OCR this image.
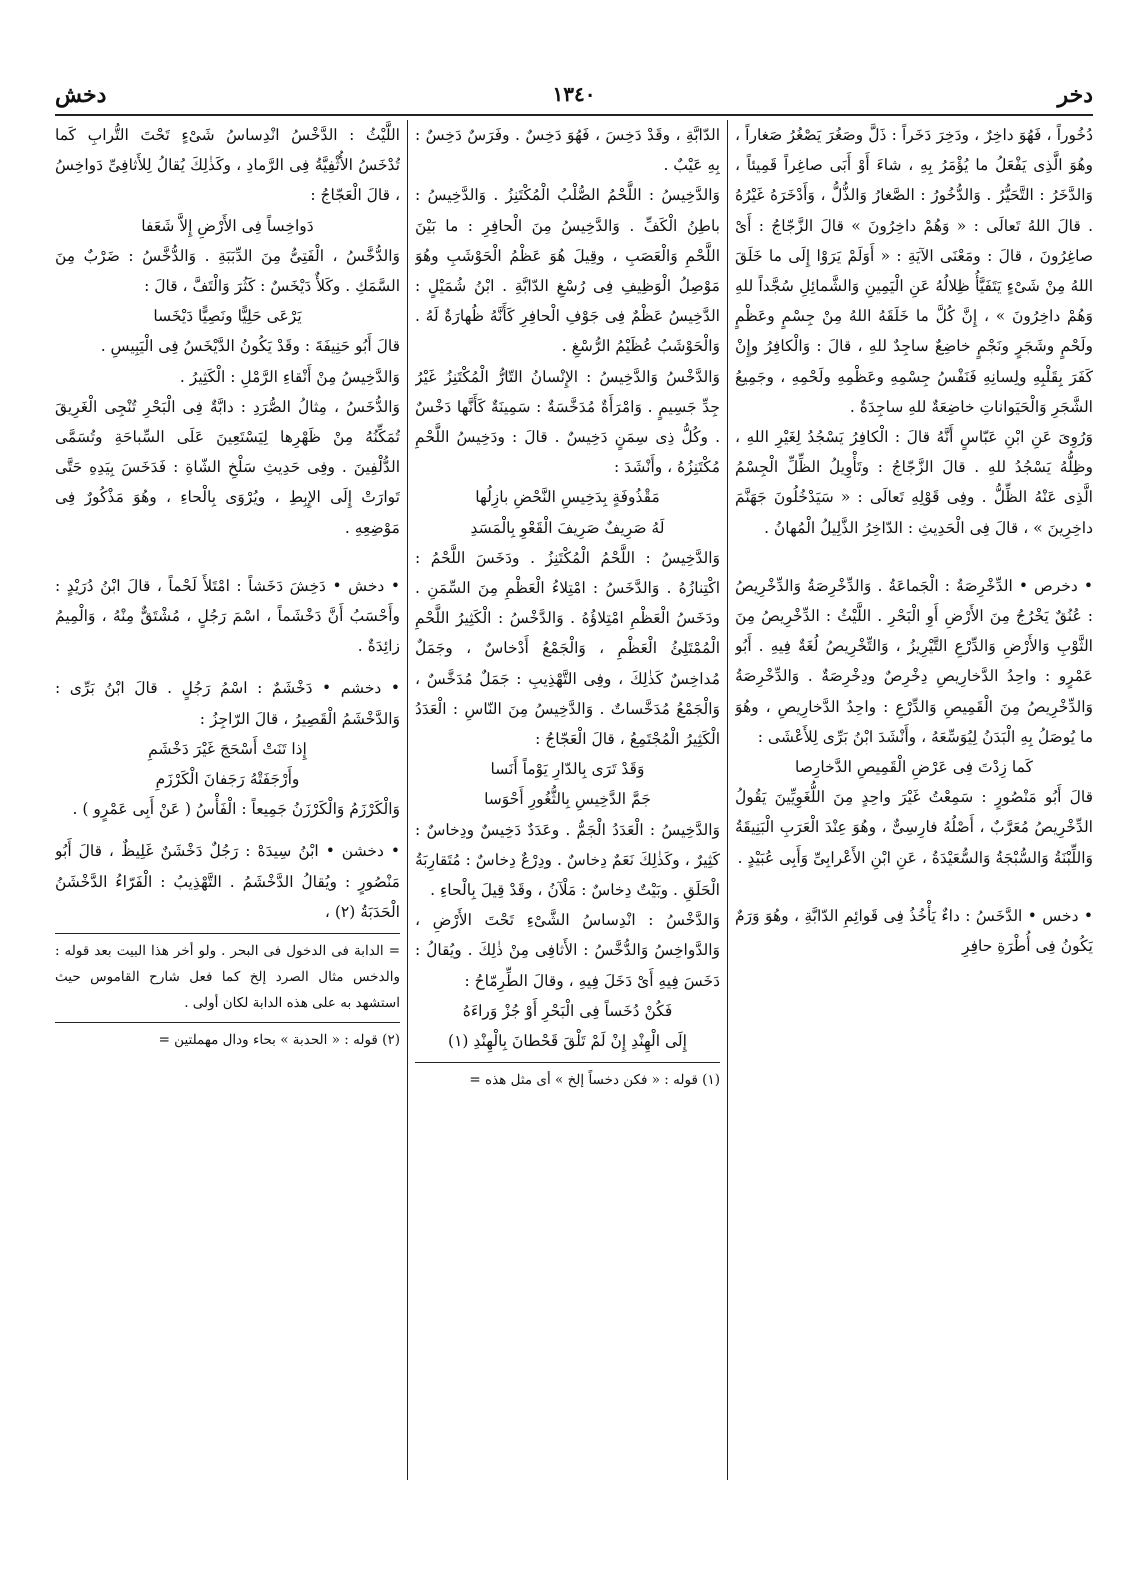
دخر
١٣٤٠
دخش

دُخُوراً ، فَهُوَ داخِرٌ ، ودَخِرَ دَخَراً : ذَلَّ وصَغُرَ يَصْغُرُ صَغاراً ، وهُوَ الَّذِى يَفْعَلُ ما يُؤْمَرُ بِهِ ، شاءَ أَوْ أَبَى صاغِراً قَمِيئاً ، وَالدَّخَرُ : التَّحَيُّرُ . وَالدُّخُورُ : الصَّغارُ وَالذُّلُّ ، وَأَدْخَرَهُ غَيْرُهُ . قالَ اللهُ تَعالَى : « وَهُمْ داخِرُونَ » قالَ الزَّجّاجُ : أَىْ صاغِرُونَ ، قالَ : ومَعْنَى الآيَةِ : « أَوَلَمْ يَرَوْا إِلَى ما خَلَقَ اللهُ مِنْ شَىْءٍ يَتَفَيَّأُ ظِلالُهُ عَنِ الْيَمِينِ وَالشَّمائِلِ سُجَّداً للهِ وَهُمْ داخِرُونَ » ، إِنَّ كُلَّ ما خَلَقَهُ اللهُ مِنْ جِسْمٍ وعَظْمٍ ولَحْمٍ وشَجَرٍ ونَجْمٍ خاضِعٌ ساجِدٌ للهِ ، قالَ : وَالْكافِرُ وإِنْ كَفَرَ بِقَلْبِهِ ولِسانِهِ فَنَفْسُ جِسْمِهِ وعَظْمِهِ ولَحْمِهِ ، وجَمِيعُ الشَّجَرِ وَالْحَيَواناتِ خاضِعَةٌ للهِ ساجِدَةٌ .

وَرُوِىَ عَنِ ابْنِ عَبّاسٍ أَنَّهُ قالَ : الْكافِرُ يَسْجُدُ لِغَيْرِ اللهِ ، وظِلُّهُ يَسْجُدُ للهِ . قالَ الزَّجّاجُ : وتَأْوِيلُ الظِّلِّ الْجِسْمُ الَّذِى عَنْهُ الظِّلُّ . وفِى قَوْلِهِ تَعالَى : « سَيَدْخُلُونَ جَهَنَّمَ داخِرِينَ » ، قالَ فِى الْحَدِيثِ : الدّاخِرُ الذَّلِيلُ الْمُهانُ .

• دخرص • الدِّخْرِصَةُ : الْجَماعَةُ . وَالدِّخْرِصَةُ وَالدِّخْرِيصُ : عُنُقٌ يَخْرُجُ مِنَ الأَرْضِ أَوِ الْبَحْرِ . اللَّيْثُ : الدِّخْرِيصُ مِنَ الثَّوْبِ وَالأَرْضِ وَالدِّرْعِ التَّيْرِيزُ ، وَالتِّخْرِيصُ لُغَةٌ فِيهِ . أَبُو عَمْرٍو : واحِدُ الدَّخارِيصِ دِخْرِصٌ ودِخْرِصَةٌ . وَالدِّخْرِصَةُ وَالدِّخْرِيصُ مِنَ الْقَمِيصِ وَالدِّرْعِ : واحِدُ الدَّخارِيصِ ، وهُوَ ما يُوصَلُ بِهِ الْبَدَنُ لِيُوَسِّعَهُ ، وأَنْشَدَ ابْنُ بَرِّى لِلأَعْشَى :

كَما زِدْتَ فِى عَرْضِ الْقَمِيصِ الدَّخارِصا

قالَ أَبُو مَنْصُورٍ : سَمِعْتُ غَيْرَ واحِدٍ مِنَ اللُّغَوِيِّينَ يَقُولُ الدِّخْرِيصُ مُعَرَّبٌ ، أَصْلُهُ فارِسِىٌّ ، وهُوَ عِنْدَ الْعَرَبِ الْبَنِيقَةُ وَاللِّبْنَةُ وَالسُّبْجَةُ وَالسُّعَيْدَةُ ، عَنِ ابْنِ الأَعْرابِىِّ وَأَبِى عُبَيْدٍ .

• دخس • الدَّخَسُ : داءٌ يَأْخُذُ فِى قَوائِمِ الدّابَّةِ ، وهُوَ وَرَمٌ يَكُونُ فِى أُطْرَةِ حافِرِ

الدّابَّةِ ، وقَدْ دَخِسَ ، فَهُوَ دَخِسٌ . وفَرَسٌ دَخِسٌ : بِهِ عَيْبٌ .

وَالدَّخِيسُ : اللَّحْمُ الصُّلْبُ الْمُكْتَنِزُ . وَالدَّخِيسُ : باطِنُ الْكَفِّ . وَالدَّخِيسُ مِنَ الْحافِرِ : ما بَيْنَ اللَّحْمِ وَالْعَصَبِ ، وقِيلَ هُوَ عَظْمُ الْحَوْشَبِ وهُوَ مَوْصِلُ الْوَظِيفِ فِى رُسْغِ الدّابَّةِ . ابْنُ شُمَيْلٍ : الدَّخِيسُ عَظْمٌ فِى جَوْفِ الْحافِرِ كَأَنَّهُ ظُهارَةٌ لَهُ . وَالْحَوْشَبُ عُظَيْمُ الرُّسْغِ .

وَالدَّخْسُ وَالدَّخِيسُ : الإِنْسانُ التّارُّ الْمُكْتَنِزُ غَيْرُ جِدِّ جَسِيمٍ . وَامْرَأَةٌ مُدَخَّسَةٌ : سَمِينَةٌ كَأَنَّها دَخْسٌ . وكُلُّ ذِى سِمَنٍ دَخِيسٌ . قالَ : ودَخِيسُ اللَّحْمِ مُكْتَنِزُهُ ، وأَنْشَدَ :

مَقْذُوفَةٍ بِدَخِيسِ النَّحْضِ بازِلُها

لَهُ صَرِيفٌ صَرِيفَ الْقَعْوِ بِالْمَسَدِ

وَالدَّخِيسُ : اللَّحْمُ الْمُكْتَنِزُ . ودَخَسَ اللَّحْمُ : اكْتِنازُهُ . وَالدَّخَسُ : امْتِلاءُ الْعَظْمِ مِنَ السِّمَنِ . ودَخَسُ الْعَظْمِ امْتِلاؤُهُ . وَالدَّخْسُ : الْكَثِيرُ اللَّحْمِ الْمُمْتَلِئُ الْعَظْمِ ، وَالْجَمْعُ أَدْخاسٌ ، وجَمَلٌ مُداخِسٌ كَذٰلِكَ ، وفِى التَّهْذِيبِ : جَمَلٌ مُدَخَّسٌ ، وَالْجَمْعُ مُدَخَّساتٌ . وَالدَّخِيسُ مِنَ النّاسِ : الْعَدَدُ الْكَثِيرُ الْمُجْتَمِعُ ، قالَ الْعَجّاجُ :

وَقَدْ تَرَى بِالدّارِ يَوْماً أَنَسا

جَمَّ الدَّخِيسِ بِالثُّغُورِ أَحْوَسا

وَالدَّخِيسُ : الْعَدَدُ الْجَمُّ . وعَدَدٌ دَخِيسٌ ودِخاسٌ : كَثِيرٌ ، وكَذٰلِكَ نَعَمٌ دِخاسٌ . ودِرْعٌ دِخاسٌ : مُتَقارِبَةُ الْحَلَقِ . وبَيْتٌ دِخاسٌ : مَلْآنُ ، وقَدْ قِيلَ بِالْحاءِ .

وَالدَّخْسُ : انْدِساسُ الشَّىْءِ تَحْتَ الأَرْضِ ، وَالدَّواخِسُ وَالدُّخَّسُ : الأَثافِى مِنْ ذٰلِكَ . ويُقالُ : دَخَسَ فِيهِ أَىْ دَخَلَ فِيهِ ، وقالَ الطِّرِمّاحُ :

فَكُنْ دُخَساً فِى الْبَحْرِ أَوْ جُزْ وَراءَهُ

إِلَى الْهِنْدِ إِنْ لَمْ تَلْقَ قَحْطانَ بِالْهِنْدِ (١)

(١) قوله : « فكن دخساً إلخ » أى مثل هذه =

اللَّيْثُ : الدَّخْسُ انْدِساسُ شَىْءٍ تَحْتَ التُّرابِ كَما تُدْخَسُ الأُثْفِيَّةُ فِى الرَّمادِ ، وكَذٰلِكَ يُقالُ لِلأَثافِىِّ دَواخِسُ ، قالَ الْعَجّاجُ :

دَواخِساً فِى الأَرْضِ إِلاَّ شَعَفا

وَالدُّخَّسُ ، الْفَتِىُّ مِنَ الدِّبَبَةِ . وَالدُّخَّسُ : ضَرْبٌ مِنَ السَّمَكِ . وكَلأٌ دَيْخَسٌ : كَثُرَ وَالْتَفَّ ، قالَ :

يَرْعَى حَلِيًّا ونَصِيًّا دَيْخَسا

قالَ أَبُو حَنِيفَةَ : وقَدْ يَكُونُ الدَّيْخَسُ فِى الْيَبِيسِ .

وَالدَّخِيسُ مِنْ أَنْقاءِ الرَّمْلِ : الْكَثِيرُ .

وَالدُّخَسُ ، مِثالُ الصُّرَدِ : دابَّةٌ فِى الْبَحْرِ تُنْجِى الْغَرِيقَ تُمَكِّنُهُ مِنْ ظَهْرِها لِيَسْتَعِينَ عَلَى السِّباحَةِ وتُسَمَّى الدُّلْفِينَ . وفِى حَدِيثِ سَلْخِ الشّاةِ : فَدَخَسَ بِيَدِهِ حَتَّى تَوارَتْ إِلَى الإِبِطِ ، ويُرْوَى بِالْحاءِ ، وهُوَ مَذْكُورٌ فِى مَوْضِعِهِ .

• دخش • دَخِشَ دَخَشاً : امْتَلأَ لَحْماً ، قالَ ابْنُ دُرَيْدٍ : وأَحْسَبُ أَنَّ دَخْشَماً ، اسْمَ رَجُلٍ ، مُشْتَقٌّ مِنْهُ ، وَالْمِيمُ زائِدَةٌ .

• دخشم • دَخْشَمٌ : اسْمُ رَجُلٍ . قالَ ابْنُ بَرِّى : وَالدَّخْشَمُ الْقَصِيرُ ، قالَ الرّاجِزُ :

إِذا تَنَتْ أَسْحَجَ غَيْرَ دَخْشَمِ

وأَرْجَفَتْهُ رَجَفانَ الْكَرْزَمِ

وَالْكَرْزَمُ وَالْكَرْزَنُ جَمِيعاً : الْفَأْسُ ( عَنْ أَبِى عَمْرٍو ) .

• دخشن • ابْنُ سِيدَهْ : رَجُلٌ دَخْشَنٌ غَلِيظٌ ، قالَ أَبُو مَنْصُورٍ : ويُقالُ الدَّخْشَمُ . التَّهْذِيبُ : الْفَرّاءُ الدَّخْشَنُ الْحَدَبَةُ (٢) ،

= الدابة فى الدخول فى البحر . ولو أخر هذا البيت بعد قوله : والدخس مثال الصرد إلخ كما فعل شارح القاموس حيث استشهد به على هذه الدابة لكان أولى .

(٢) قوله : « الحدبة » بحاء ودال مهملتين =
